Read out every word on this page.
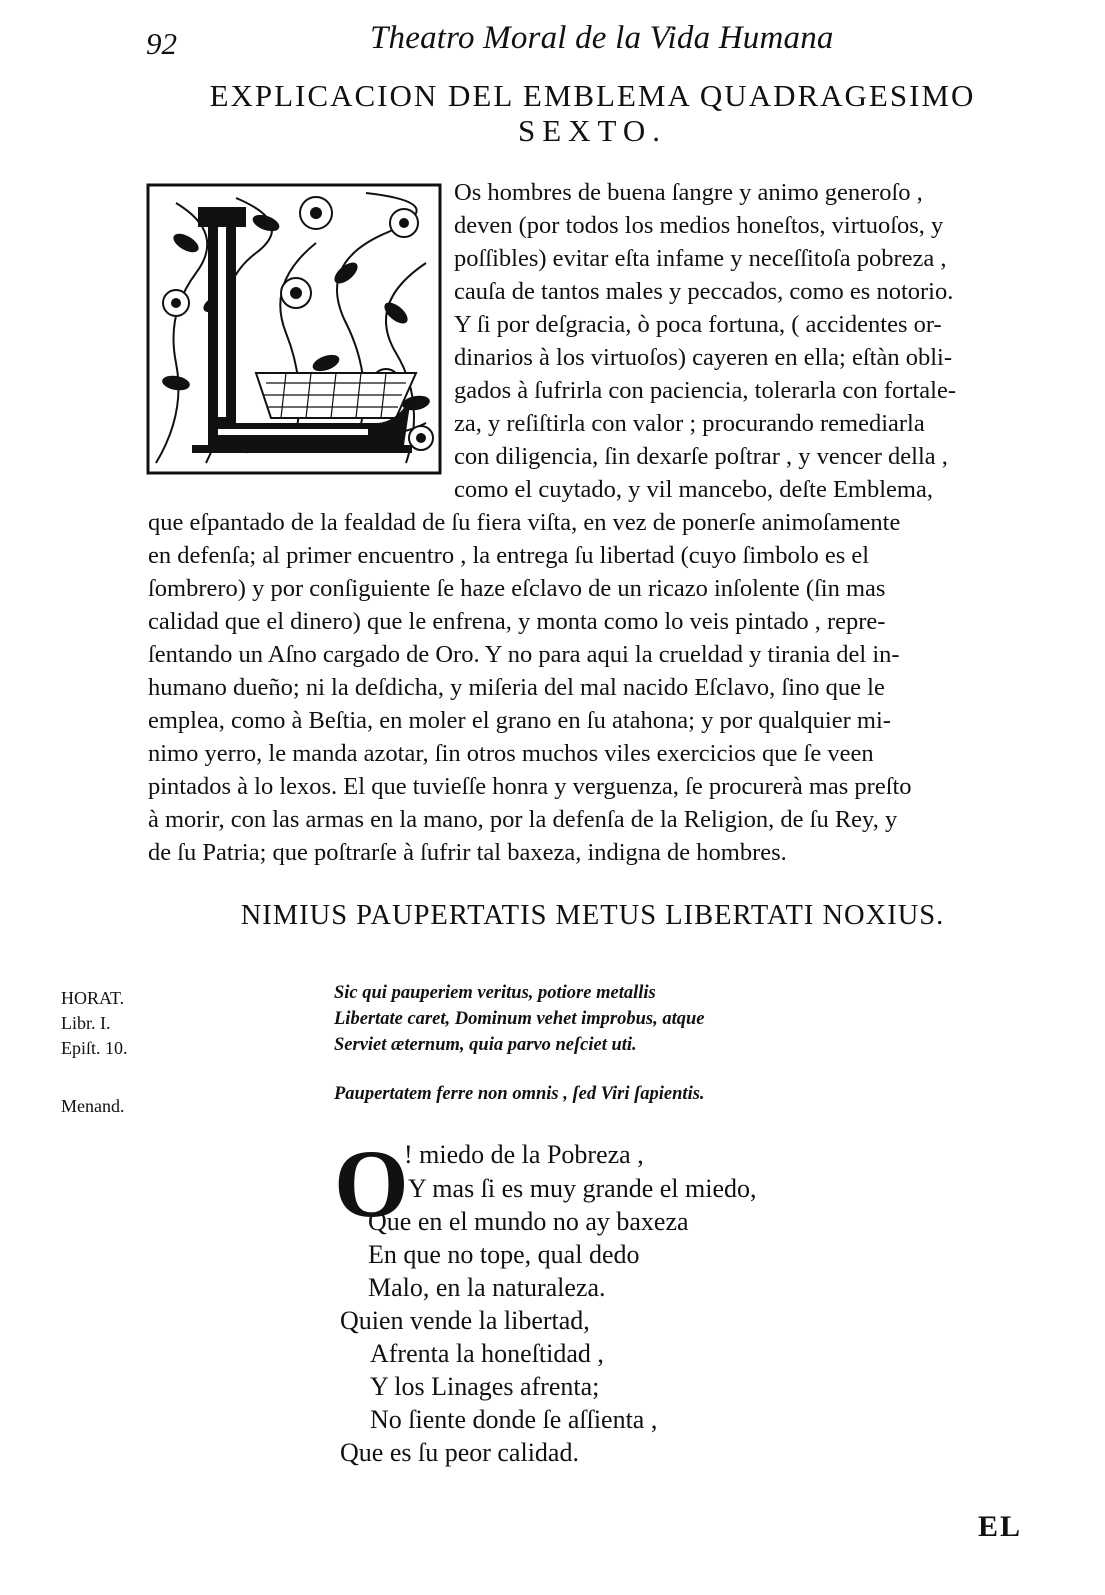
92	Theatro Moral de la Vida Humana
EXPLICACION DEL EMBLEMA QUADRAGESIMO
SEXTO.
Os hombres de buena ſangre y animo generoſo ,
deven (por todos los medios honeſtos, virtuoſos, y
poſſibles) evitar eſta infame y neceſſitoſa pobreza ,
cauſa de tantos males y peccados, como es notorio.
Y ſi por deſgracia, ò poca fortuna, ( accidentes or-
dinarios à los virtuoſos) cayeren en ella; eſtàn obli-
gados à ſufrirla con paciencia, tolerarla con fortale-
za, y reſiſtirla con valor ; procurando remediarla
con diligencia, ſin dexarſe poſtrar , y vencer della ,
como el cuytado, y vil mancebo, deſte Emblema,
que eſpantado de la fealdad de ſu fiera viſta, en vez de ponerſe animoſamente
en defenſa; al primer encuentro , la entrega ſu libertad (cuyo ſimbolo es el
ſombrero) y por conſiguiente ſe haze eſclavo de un ricazo inſolente (ſin mas
calidad que el dinero) que le enfrena, y monta como lo veis pintado , repre-
ſentando un Aſno cargado de Oro. Y no para aqui la crueldad y tirania del in-
humano dueño; ni la deſdicha, y miſeria del mal nacido Eſclavo, ſino que le
emplea, como à Beſtia, en moler el grano en ſu atahona; y por qualquier mi-
nimo yerro, le manda azotar, ſin otros muchos viles exercicios que ſe veen
pintados à lo lexos. El que tuvieſſe honra y verguenza, ſe procurerà mas preſto
à morir, con las armas en la mano, por la defenſa de la Religion, de ſu Rey, y
de ſu Patria; que poſtrarſe à ſufrir tal baxeza, indigna de hombres.
NIMIUS PAUPERTATIS METUS LIBERTATI NOXIUS.
HORAT.
Libr. I.
Epiſt. 10.
Menand.
Sic qui pauperiem veritus, potiore metallis
Libertate caret, Dominum vehet improbus, atque
Serviet æternum, quia parvo neſciet uti.
Paupertatem ferre non omnis , ſed Viri ſapientis.
O
! miedo de la Pobreza ,
Y mas ſi es muy grande el miedo,
Que en el mundo no ay baxeza
En que no tope, qual dedo
Malo, en la naturaleza.
Quien vende la libertad,
Afrenta la honeſtidad ,
Y los Linages afrenta;
No ſiente donde ſe aſſienta ,
Que es ſu peor calidad.
EL
